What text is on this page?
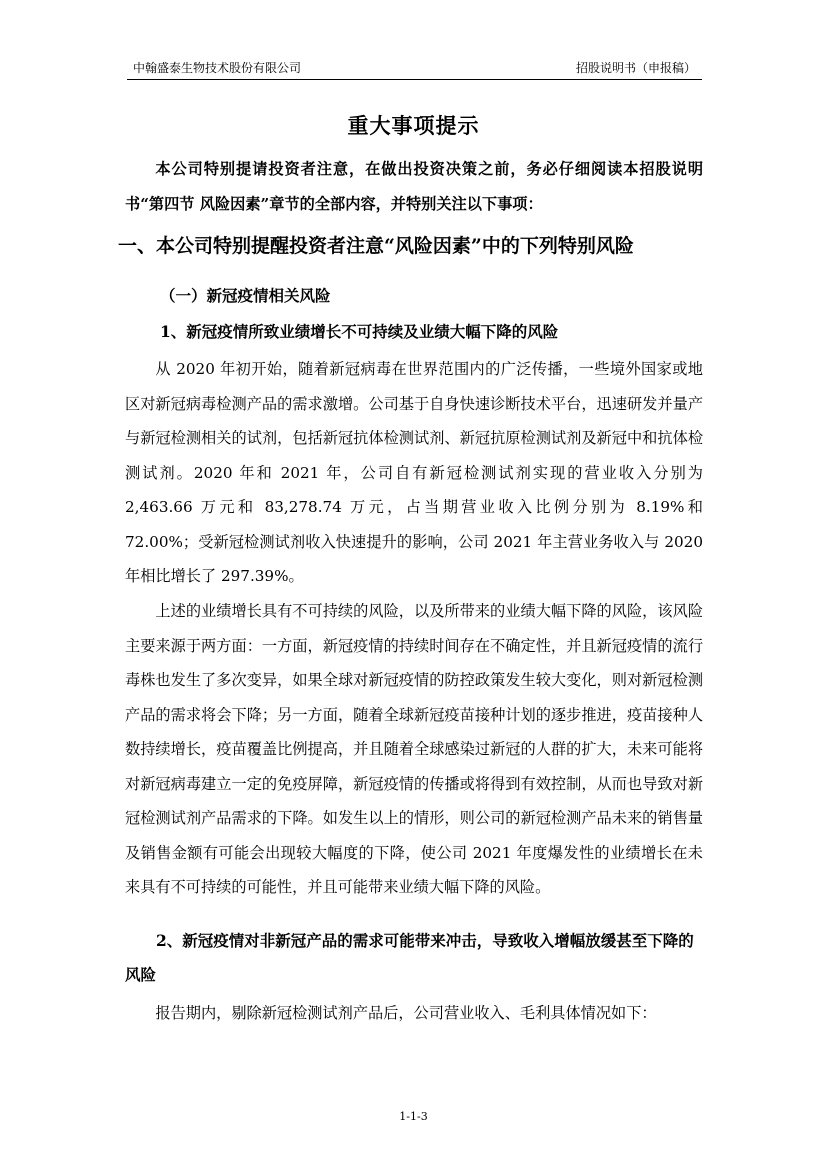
中翰盛泰生物技术股份有限公司	招股说明书（申报稿）
重大事项提示

本公司特别提请投资者注意，在做出投资决策之前，务必仔细阅读本招股说明书“第四节 风险因素”章节的全部内容，并特别关注以下事项：

一、本公司特别提醒投资者注意“风险因素”中的下列特别风险
（一）新冠疫情相关风险

1、新冠疫情所致业绩增长不可持续及业绩大幅下降的风险

从 2020 年初开始，随着新冠病毒在世界范围内的广泛传播，一些境外国家或地区对新冠病毒检测产品的需求激增。公司基于自身快速诊断技术平台，迅速研发并量产与新冠检测相关的试剂，包括新冠抗体检测试剂、新冠抗原检测试剂及新冠中和抗体检测试剂。2020 年和 2021 年，公司自有新冠检测试剂实现的营业收入分别为 2,463.66 万元和 83,278.74 万元，占当期营业收入比例分别为 8.19%和 72.00%；受新冠检测试剂收入快速提升的影响，公司 2021 年主营业务收入与 2020 年相比增长了 297.39%。

上述的业绩增长具有不可持续的风险，以及所带来的业绩大幅下降的风险，该风险主要来源于两方面：一方面，新冠疫情的持续时间存在不确定性，并且新冠疫情的流行毒株也发生了多次变异，如果全球对新冠疫情的防控政策发生较大变化，则对新冠检测产品的需求将会下降；另一方面，随着全球新冠疫苗接种计划的逐步推进，疫苗接种人数持续增长，疫苗覆盖比例提高，并且随着全球感染过新冠的人群的扩大，未来可能将对新冠病毒建立一定的免疫屏障，新冠疫情的传播或将得到有效控制，从而也导致对新冠检测试剂产品需求的下降。如发生以上的情形，则公司的新冠检测产品未来的销售量及销售金额有可能会出现较大幅度的下降，使公司 2021 年度爆发性的业绩增长在未来具有不可持续的可能性，并且可能带来业绩大幅下降的风险。

2、新冠疫情对非新冠产品的需求可能带来冲击，导致收入增幅放缓甚至下降的风险

报告期内，剔除新冠检测试剂产品后，公司营业收入、毛利具体情况如下：

1-1-3
